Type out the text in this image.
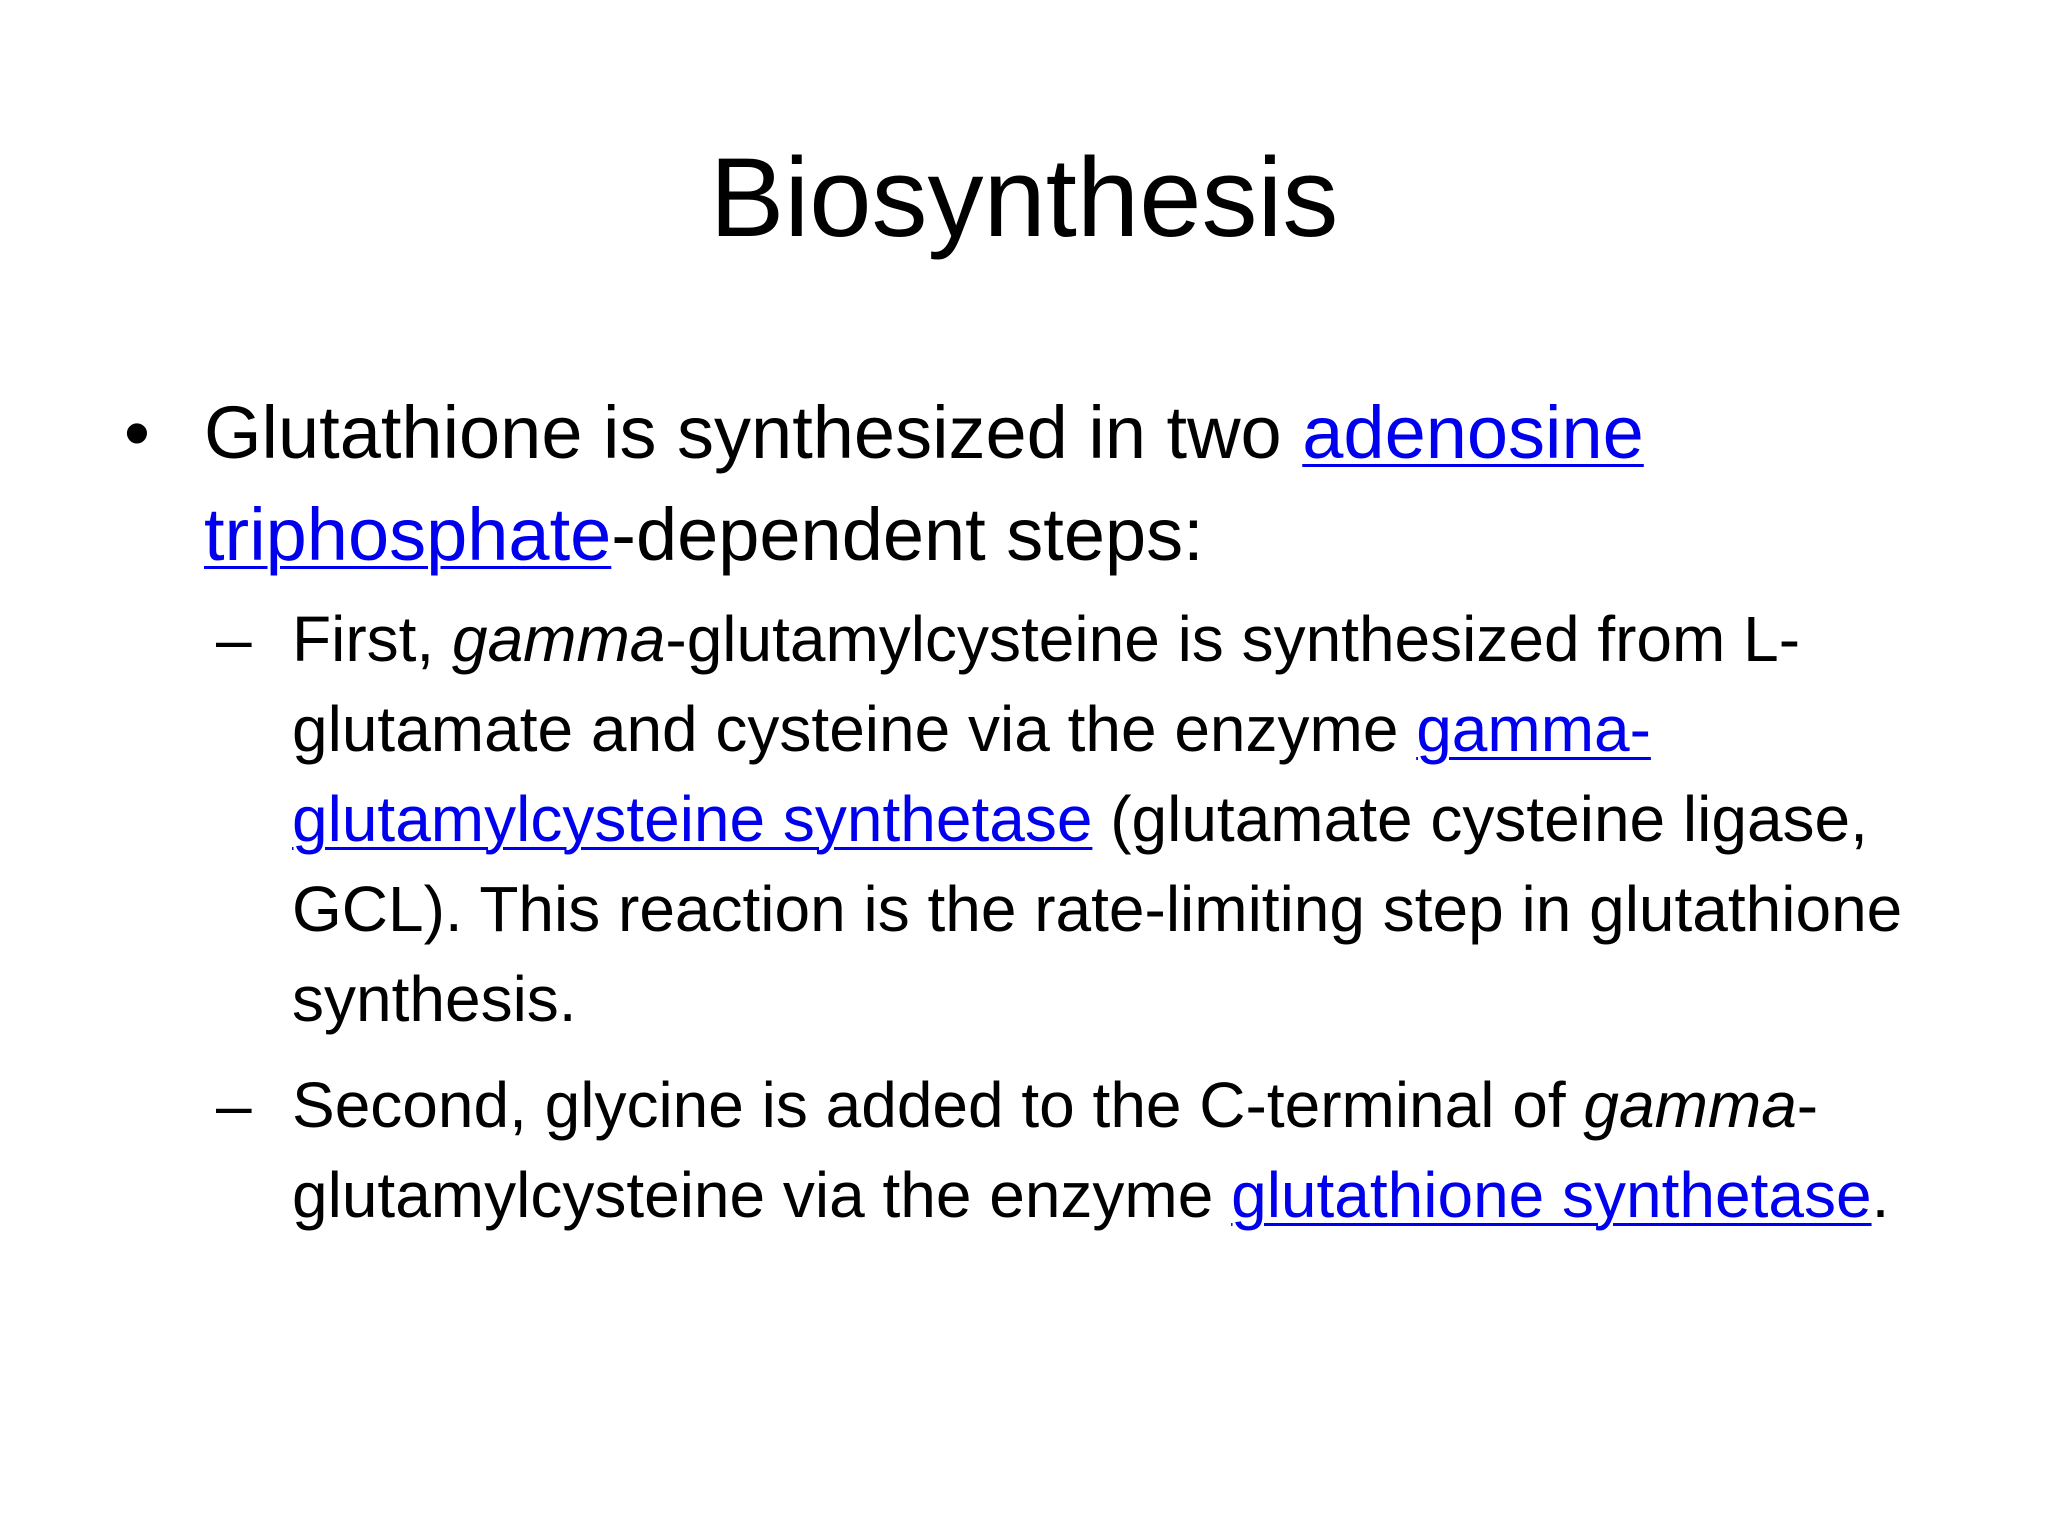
Biosynthesis
• Glutathione is synthesized in two adenosine triphosphate-dependent steps:
– First, gamma-glutamylcysteine is synthesized from L-glutamate and cysteine via the enzyme gamma-glutamylcysteine synthetase (glutamate cysteine ligase, GCL). This reaction is the rate-limiting step in glutathione synthesis.
– Second, glycine is added to the C-terminal of gamma-glutamylcysteine via the enzyme glutathione synthetase.
